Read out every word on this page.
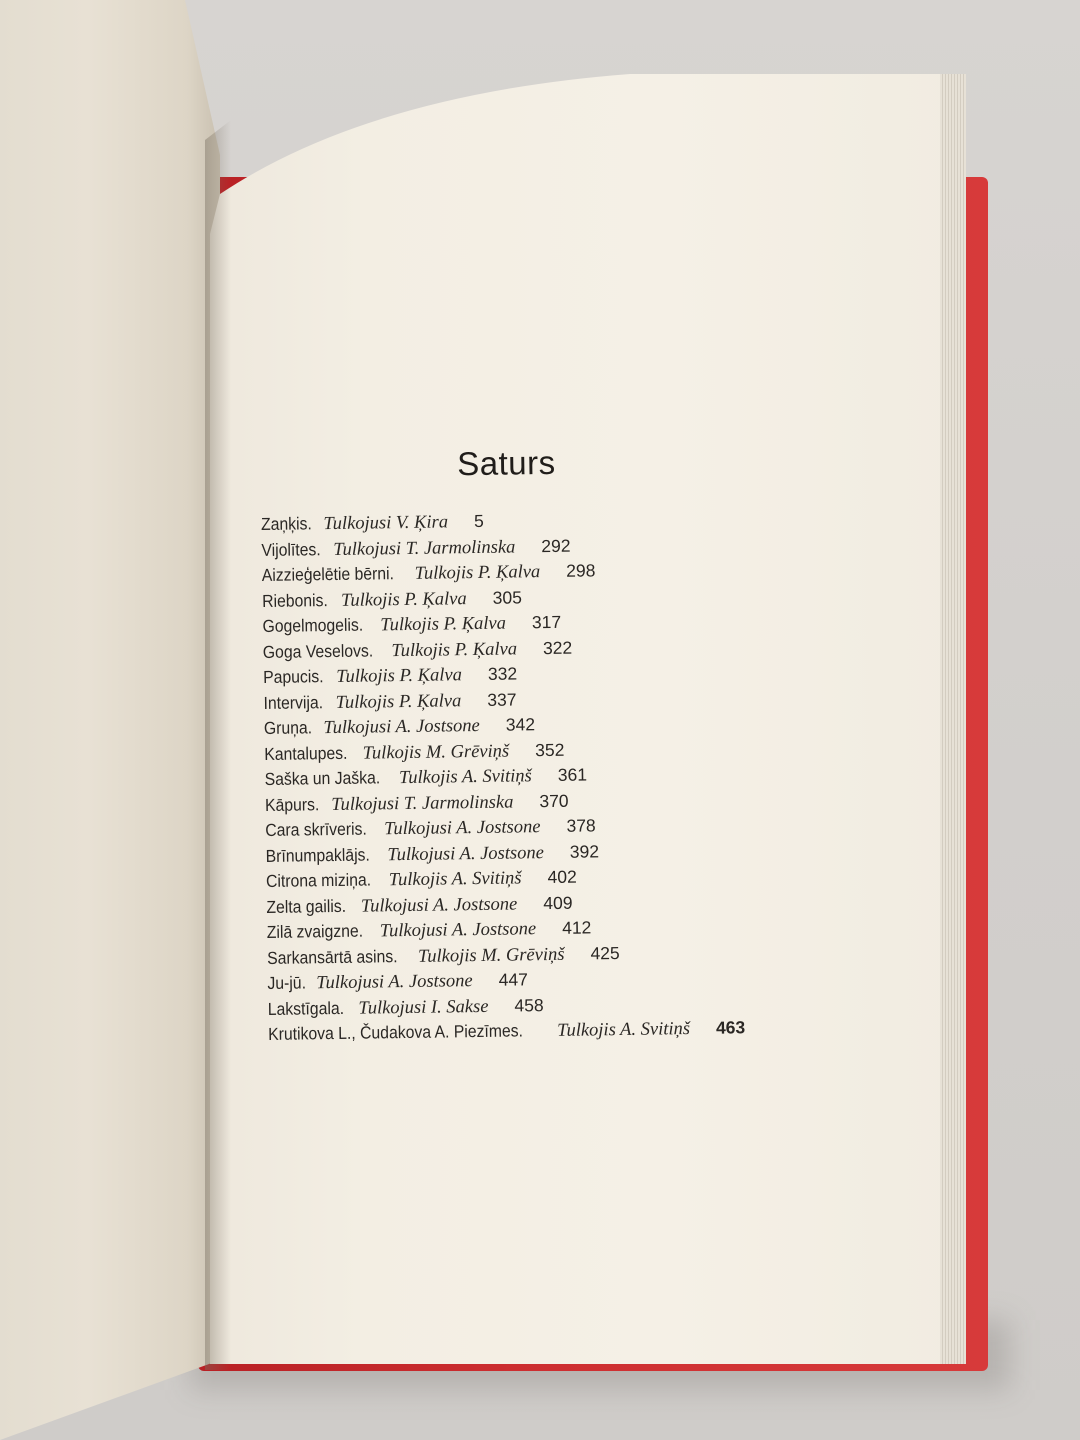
Saturs
Zaņķis. Tulkojusi V. Ķira 5
Vijolītes. Tulkojusi T. Jarmolinska 292
Aizzieģelētie bērni. Tulkojis P. Ķalva 298
Riebonis. Tulkojis P. Ķalva 305
Gogelmogelis. Tulkojis P. Ķalva 317
Goga Veselovs. Tulkojis P. Ķalva 322
Papucis. Tulkojis P. Ķalva 332
Intervija. Tulkojis P. Ķalva 337
Gruņa. Tulkojusi A. Jostsone 342
Kantalupes. Tulkojis M. Grēviņš 352
Saška un Jaška. Tulkojis A. Svitiņš 361
Kāpurs. Tulkojusi T. Jarmolinska 370
Cara skrīveris. Tulkojusi A. Jostsone 378
Brīnumpaklājs. Tulkojusi A. Jostsone 392
Citrona miziņa. Tulkojis A. Svitiņš 402
Zelta gailis. Tulkojusi A. Jostsone 409
Zilā zvaigzne. Tulkojusi A. Jostsone 412
Sarkansārtā asins. Tulkojis M. Grēviņš 425
Ju-jū. Tulkojusi A. Jostsone 447
Lakstīgala. Tulkojusi I. Sakse 458
Krutikova L., Čudakova A. Piezīmes. Tulkojis A. Svitiņš 463
